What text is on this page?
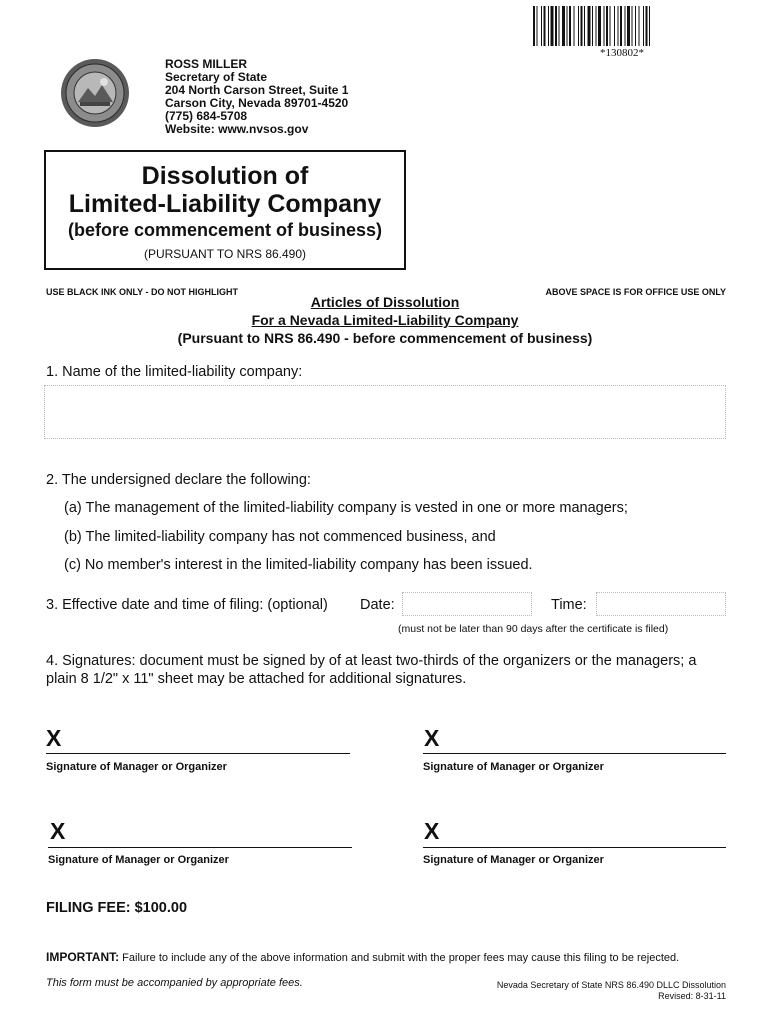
*130802*
ROSS MILLER
Secretary of State
204 North Carson Street, Suite 1
Carson City, Nevada 89701-4520
(775) 684-5708
Website: www.nvsos.gov
Dissolution of
Limited-Liability Company
(before commencement of business)
(PURSUANT TO NRS 86.490)
USE BLACK INK ONLY - DO NOT HIGHLIGHT	ABOVE SPACE IS FOR OFFICE USE ONLY
Articles of Dissolution
For a Nevada Limited-Liability Company
(Pursuant to NRS 86.490 - before commencement of business)
1. Name of the limited-liability company:
2. The undersigned declare the following:
(a) The management of the limited-liability company is vested in one or more managers;
(b) The limited-liability company has not commenced business, and
(c) No member's interest in the limited-liability company has been issued.
3. Effective date and time of filing: (optional) Date:	Time:
(must not be later than 90 days after the certificate is filed)
4. Signatures: document must be signed by of at least two-thirds of the organizers or the managers; a
plain 8 1/2" x 11" sheet may be attached for additional signatures.
X
Signature of Manager or Organizer
X
Signature of Manager or Organizer
X
Signature of Manager or Organizer
X
Signature of Manager or Organizer
FILING FEE: $100.00
IMPORTANT: Failure to include any of the above information and submit with the proper fees may cause this filing to be rejected.
This form must be accompanied by appropriate fees.	Nevada Secretary of State NRS 86.490 DLLC Dissolution
Revised: 8-31-11
